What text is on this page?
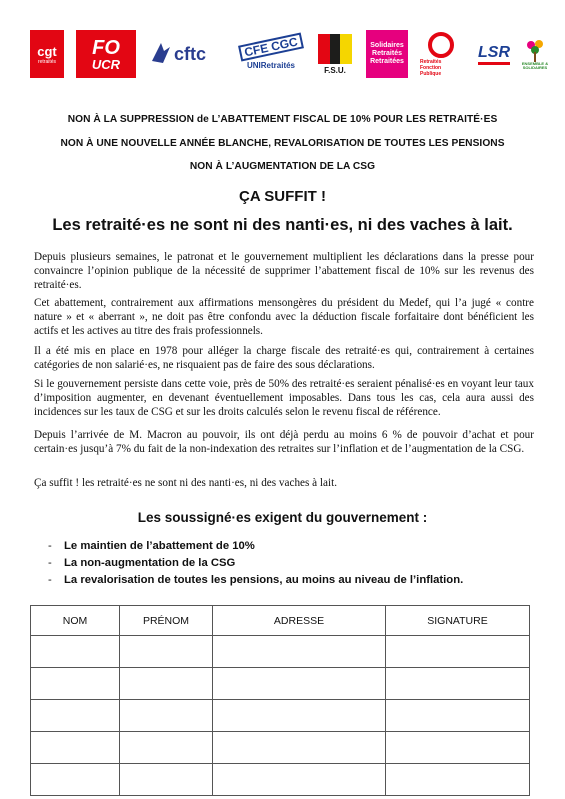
cgt
retraités
FO
UCR
cftc	CFE CGC
UNIRetraités
F.S.U.
Solidaires Retraités Retraitées	Retraités Fonction Publique
LSR
ENSEMBLE & SOLIDAIRES
NON À LA SUPPRESSION de L’ABATTEMENT FISCAL DE 10% POUR LES RETRAITÉ·ES
NON À UNE NOUVELLE ANNÉE BLANCHE, REVALORISATION DE TOUTES LES PENSIONS
NON À L’AUGMENTATION DE LA CSG
ÇA SUFFIT !
Les retraité·es ne sont ni des nanti·es, ni des vaches à lait.

Depuis plusieurs semaines, le patronat et le gouvernement multiplient les déclarations dans la presse pour convaincre l’opinion publique de la nécessité de supprimer l’abattement fiscal de 10% sur les revenus des retraité·es.

Cet abattement, contrairement aux affirmations mensongères du président du Medef, qui l’a jugé « contre nature » et « aberrant », ne doit pas être confondu avec la déduction fiscale forfaitaire dont bénéficient les actifs et les actives au titre des frais professionnels.

Il a été mis en place en 1978 pour alléger la charge fiscale des retraité·es qui, contrairement à certaines catégories de non salarié·es, ne risquaient pas de faire des sous déclarations.

Si le gouvernement persiste dans cette voie, près de 50% des retraité·es seraient pénalisé·es en voyant leur taux d’imposition augmenter, en devenant éventuellement imposables. Dans tous les cas, cela aura aussi des incidences sur les taux de CSG et sur les droits calculés selon le revenu fiscal de référence.

Depuis l’arrivée de M. Macron au pouvoir, ils ont déjà perdu au moins 6 % de pouvoir d’achat et pour certain·es jusqu’à 7% du fait de la non-indexation des retraites sur l’inflation et de l’augmentation de la CSG.

Ça suffit ! les retraité·es ne sont ni des nanti·es, ni des vaches à lait.

Les soussigné·es exigent du gouvernement :
- Le maintien de l’abattement de 10%
- La non-augmentation de la CSG
- La revalorisation de toutes les pensions, au moins au niveau de l’inflation.
NOM	PRÉNOM	ADRESSE	SIGNATURE
